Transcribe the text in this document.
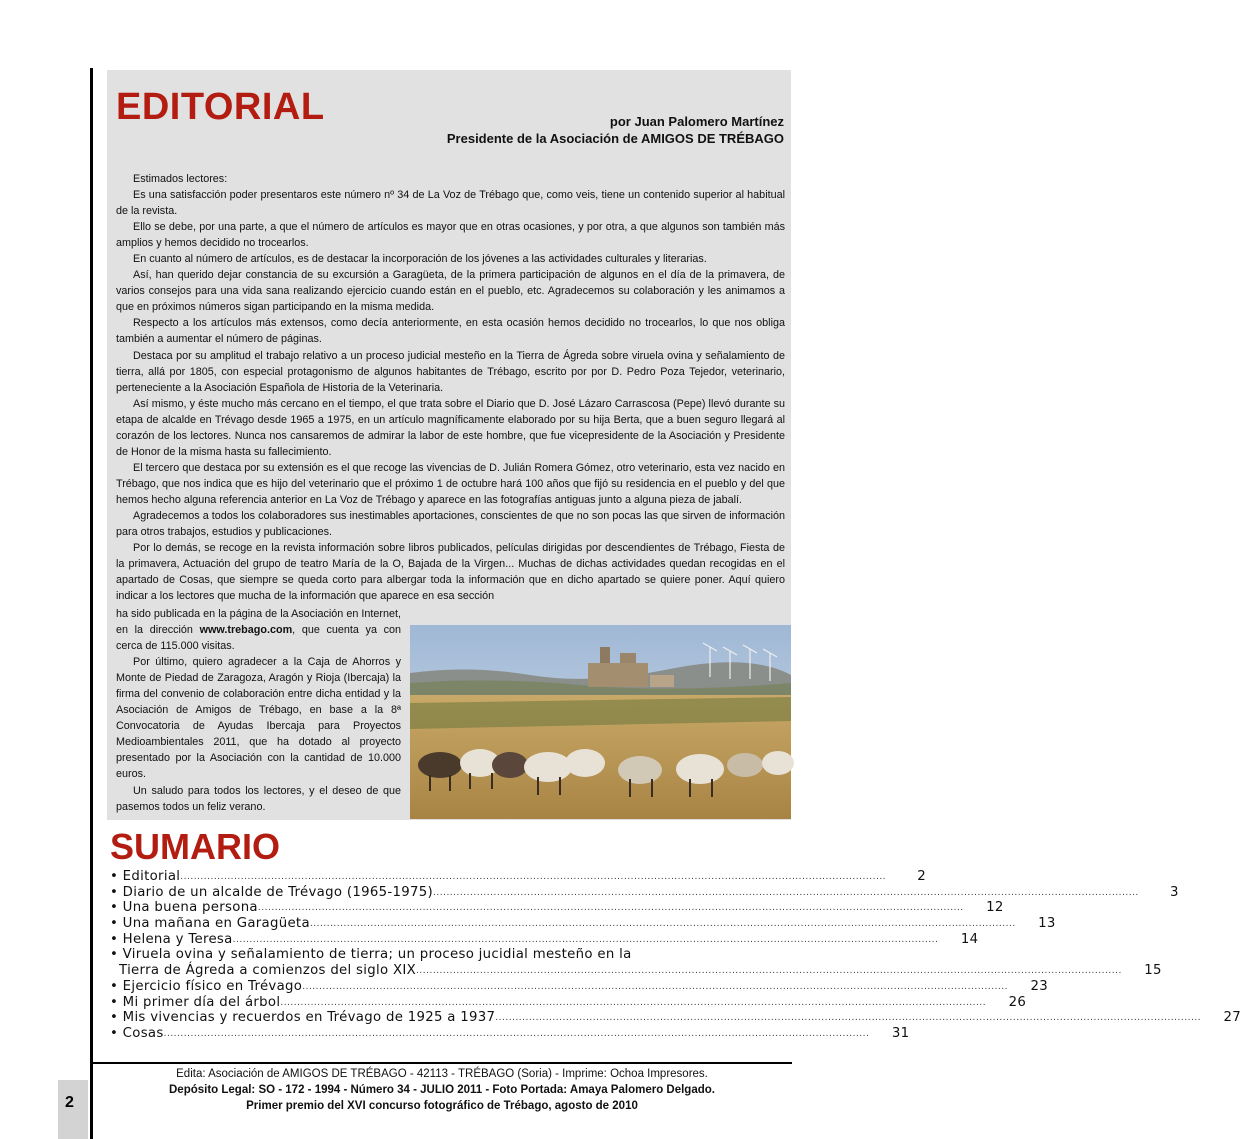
2
EDITORIAL	por Juan Palomero Martínez
Presidente de la Asociación de AMIGOS DE TRÉBAGO

Estimados lectores:

Es una satisfacción poder presentaros este número nº 34 de La Voz de Trébago que, como veis, tiene un contenido superior al habitual de la revista.

Ello se debe, por una parte, a que el número de artículos es mayor que en otras ocasiones, y por otra, a que algunos son también más amplios y hemos decidido no trocearlos.

En cuanto al número de artículos, es de destacar la incorporación de los jóvenes a las actividades culturales y literarias.

Así, han querido dejar constancia de su excursión a Garagüeta, de la primera participación de algunos en el día de la primavera, de varios consejos para una vida sana realizando ejercicio cuando están en el pueblo, etc. Agradecemos su colaboración y les animamos a que en próximos números sigan participando en la misma medida.

Respecto a los artículos más extensos, como decía anteriormente, en esta ocasión hemos decidido no trocearlos, lo que nos obliga también a aumentar el número de páginas.

Destaca por su amplitud el trabajo relativo a un proceso judicial mesteño en la Tierra de Ágreda sobre viruela ovina y señalamiento de tierra, allá por 1805, con especial protagonismo de algunos habitantes de Trébago, escrito por por D. Pedro Poza Tejedor, veterinario, perteneciente a la Asociación Española de Historia de la Veterinaria.

Así mismo, y éste mucho más cercano en el tiempo, el que trata sobre el Diario que D. José Lázaro Carrascosa (Pepe) llevó durante su etapa de alcalde en Trévago desde 1965 a 1975, en un artículo magníficamente elaborado por su hija Berta, que a buen seguro llegará al corazón de los lectores. Nunca nos cansaremos de admirar la labor de este hombre, que fue vicepresidente de la Asociación y Presidente de Honor de la misma hasta su fallecimiento.

El tercero que destaca por su extensión es el que recoge las vivencias de D. Julián Romera Gómez, otro veterinario, esta vez nacido en Trébago, que nos indica que es hijo del veterinario que el próximo 1 de octubre hará 100 años que fijó su residencia en el pueblo y del que hemos hecho alguna referencia anterior en La Voz de Trébago y aparece en las fotografías antiguas junto a alguna pieza de jabalí.

Agradecemos a todos los colaboradores sus inestimables aportaciones, conscientes de que no son pocas las que sirven de información para otros trabajos, estudios y publicaciones.

Por lo demás, se recoge en la revista información sobre libros publicados, películas dirigidas por descendientes de Trébago, Fiesta de la primavera, Actuación del grupo de teatro María de la O, Bajada de la Virgen... Muchas de dichas actividades quedan recogidas en el apartado de Cosas, que siempre se queda corto para albergar toda la información que en dicho apartado se quiere poner. Aquí quiero indicar a los lectores que mucha de la información que aparece en esa sección

ha sido publicada en la página de la Asociación en Internet, en la dirección www.trebago.com, que cuenta ya con cerca de 115.000 visitas.

Por último, quiero agradecer a la Caja de Ahorros y Monte de Piedad de Zaragoza, Aragón y Rioja (Ibercaja) la firma del convenio de colaboración entre dicha entidad y la Asociación de Amigos de Trébago, en base a la 8ª Convocatoria de Ayudas Ibercaja para Proyectos Medioambientales 2011, que ha dotado al proyecto presentado por la Asociación con la cantidad de 10.000 euros.

Un saludo para todos los lectores, y el deseo de que pasemos todos un feliz verano.

SUMARIO
• Editorial ..................................................................................................................................................................................................................	2
• Diario de un alcalde de Trévago (1965-1975) ..................................................................................................................................................................................................................	3
• Una buena persona ..................................................................................................................................................................................................................	12
• Una mañana en Garagüeta ..................................................................................................................................................................................................................	13
• Helena y Teresa ..................................................................................................................................................................................................................	14
• Viruela ovina y señalamiento de tierra; un proceso jucidial mesteño en la
Tierra de Ágreda a comienzos del siglo XIX ..................................................................................................................................................................................................................	15
• Ejercicio físico en Trévago ..................................................................................................................................................................................................................	23
• Mi primer día del árbol ..................................................................................................................................................................................................................	26
• Mis vivencias y recuerdos en Trévago de 1925 a 1937 ..................................................................................................................................................................................................................	27
• Cosas ..................................................................................................................................................................................................................	31
Edita: Asociación de AMIGOS DE TRÉBAGO - 42113 - TRÉBAGO (Soria) - Imprime: Ochoa Impresores.
Depósito Legal: SO - 172 - 1994 - Número 34 - JULIO 2011 - Foto Portada: Amaya Palomero Delgado.
Primer premio del XVI concurso fotográfico de Trébago, agosto de 2010
